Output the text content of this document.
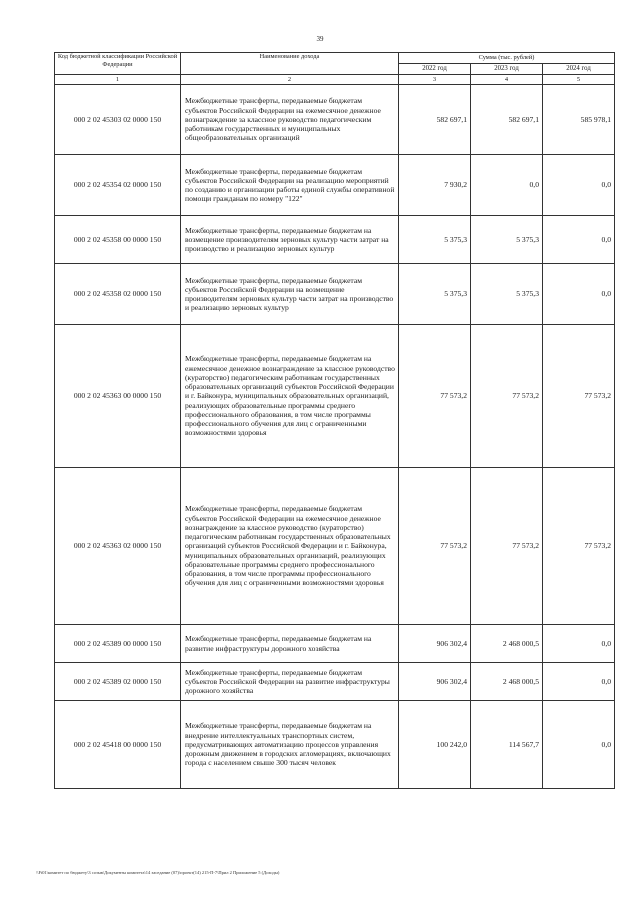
39
Код бюджетной классификации Российской Федерации	Наименование дохода	Сумма (тыс. рублей)		
		2022 год	2023 год	2024 год
1	2	3	4	5
000 2 02 45303 02 0000 150	Межбюджетные трансферты, передаваемые бюджетам субъектов Российской Федерации на ежемесячное денежное вознаграждение за классное руководство педагогическим работникам государственных и муниципальных общеобразовательных организаций	582 697,1	582 697,1	585 978,1
000 2 02 45354 02 0000 150	Межбюджетные трансферты, передаваемые бюджетам субъектов Российской Федерации на реализацию мероприятий по созданию и организации работы единой службы оперативной помощи гражданам по номеру "122"	7 930,2	0,0	0,0
000 2 02 45358 00 0000 150	Межбюджетные трансферты, передаваемые бюджетам на возмещение производителям зерновых культур части затрат на производство и реализацию зерновых культур	5 375,3	5 375,3	0,0
000 2 02 45358 02 0000 150	Межбюджетные трансферты, передаваемые бюджетам субъектов Российской Федерации на возмещение производителям зерновых культур части затрат на производство и реализацию зерновых культур	5 375,3	5 375,3	0,0
000 2 02 45363 00 0000 150	Межбюджетные трансферты, передаваемые бюджетам на ежемесячное денежное вознаграждение за классное руководство (кураторство) педагогическим работникам государственных образовательных организаций субъектов Российской Федерации и г. Байконура, муниципальных образовательных организаций, реализующих образовательные программы среднего профессионального образования, в том числе программы профессионального обучения для лиц с ограниченными возможностями здоровья	77 573,2	77 573,2	77 573,2
000 2 02 45363 02 0000 150	Межбюджетные трансферты, передаваемые бюджетам субъектов Российской Федерации на ежемесячное денежное вознаграждение за классное руководство (кураторство) педагогическим работникам государственных образовательных организаций субъектов Российской Федерации и г. Байконура, муниципальных образовательных организаций, реализующих образовательные программы среднего профессионального образования, в том числе программы профессионального обучения для лиц с ограниченными возможностями здоровья	77 573,2	77 573,2	77 573,2
000 2 02 45389 00 0000 150	Межбюджетные трансферты, передаваемые бюджетам на развитие инфраструктуры дорожного хозяйства	906 302,4	2 468 000,5	0,0
000 2 02 45389 02 0000 150	Межбюджетные трансферты, передаваемые бюджетам субъектов Российской Федерации на развитие инфраструктуры дорожного хозяйства	906 302,4	2 468 000,5	0,0
000 2 02 45418 00 0000 150	Межбюджетные трансферты, передаваемые бюджетам на внедрение интеллектуальных транспортных систем, предусматривающих автоматизацию процессов управления дорожным движением в городских агломерациях, включающих города с населением свыше 300 тысяч человек	100 242,0	114 567,7	0,0
\\Ft01\комитет по бюджету\3 созыв\Документы комитета\14 заседание (07)\проект(14) 215-П-7\Прил 2 Приложение 5 (Доходы)
